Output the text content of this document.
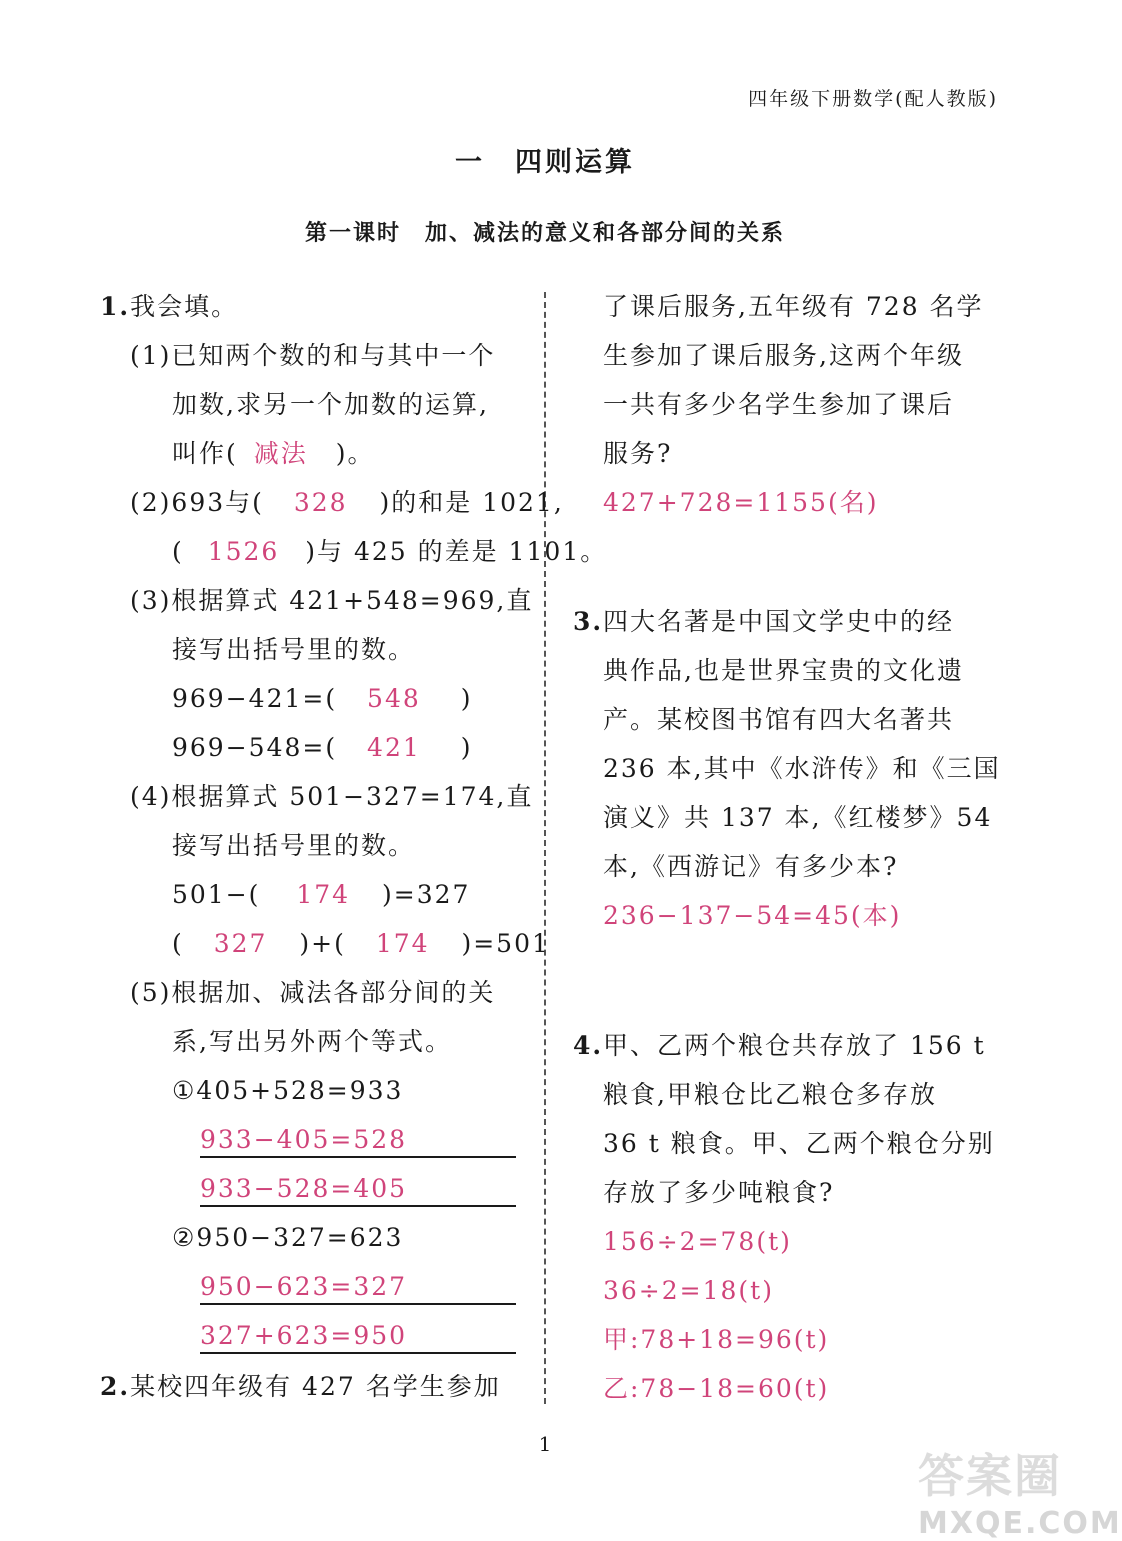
四年级下册数学(配人教版)
一　四则运算
第一课时　加、减法的意义和各部分间的关系
1.我会填。
(1)已知两个数的和与其中一个
加数,求另一个加数的运算,
叫作( 减法 )。
(2)693与( 328 )的和是 1021,
( 1526 )与 425 的差是 1101。
(3)根据算式 421+548=969,直
接写出括号里的数。
969−421=( 548 )
969−548=( 421 )
(4)根据算式 501−327=174,直
接写出括号里的数。
501−( 174 )=327
( 327 )+( 174 )=501
(5)根据加、减法各部分间的关
系,写出另外两个等式。
①405+528=933
933−405=528
933−528=405
②950−327=623
950−623=327
327+623=950
2.某校四年级有 427 名学生参加
了课后服务,五年级有 728 名学
生参加了课后服务,这两个年级
一共有多少名学生参加了课后
服务?
427+728=1155(名)
3. 四大名著是中国文学史中的经
典作品,也是世界宝贵的文化遗
产。某校图书馆有四大名著共
236 本,其中《水浒传》和《三国
演义》共 137 本,《红楼梦》54
本,《西游记》有多少本?
236−137−54=45(本)
4. 甲、乙两个粮仓共存放了 156 t
粮食,甲粮仓比乙粮仓多存放
36 t 粮食。甲、乙两个粮仓分别
存放了多少吨粮食?
156÷2=78(t)
36÷2=18(t)
甲:78+18=96(t)
乙:78−18=60(t)
1
答案圈
MXQE.COM
